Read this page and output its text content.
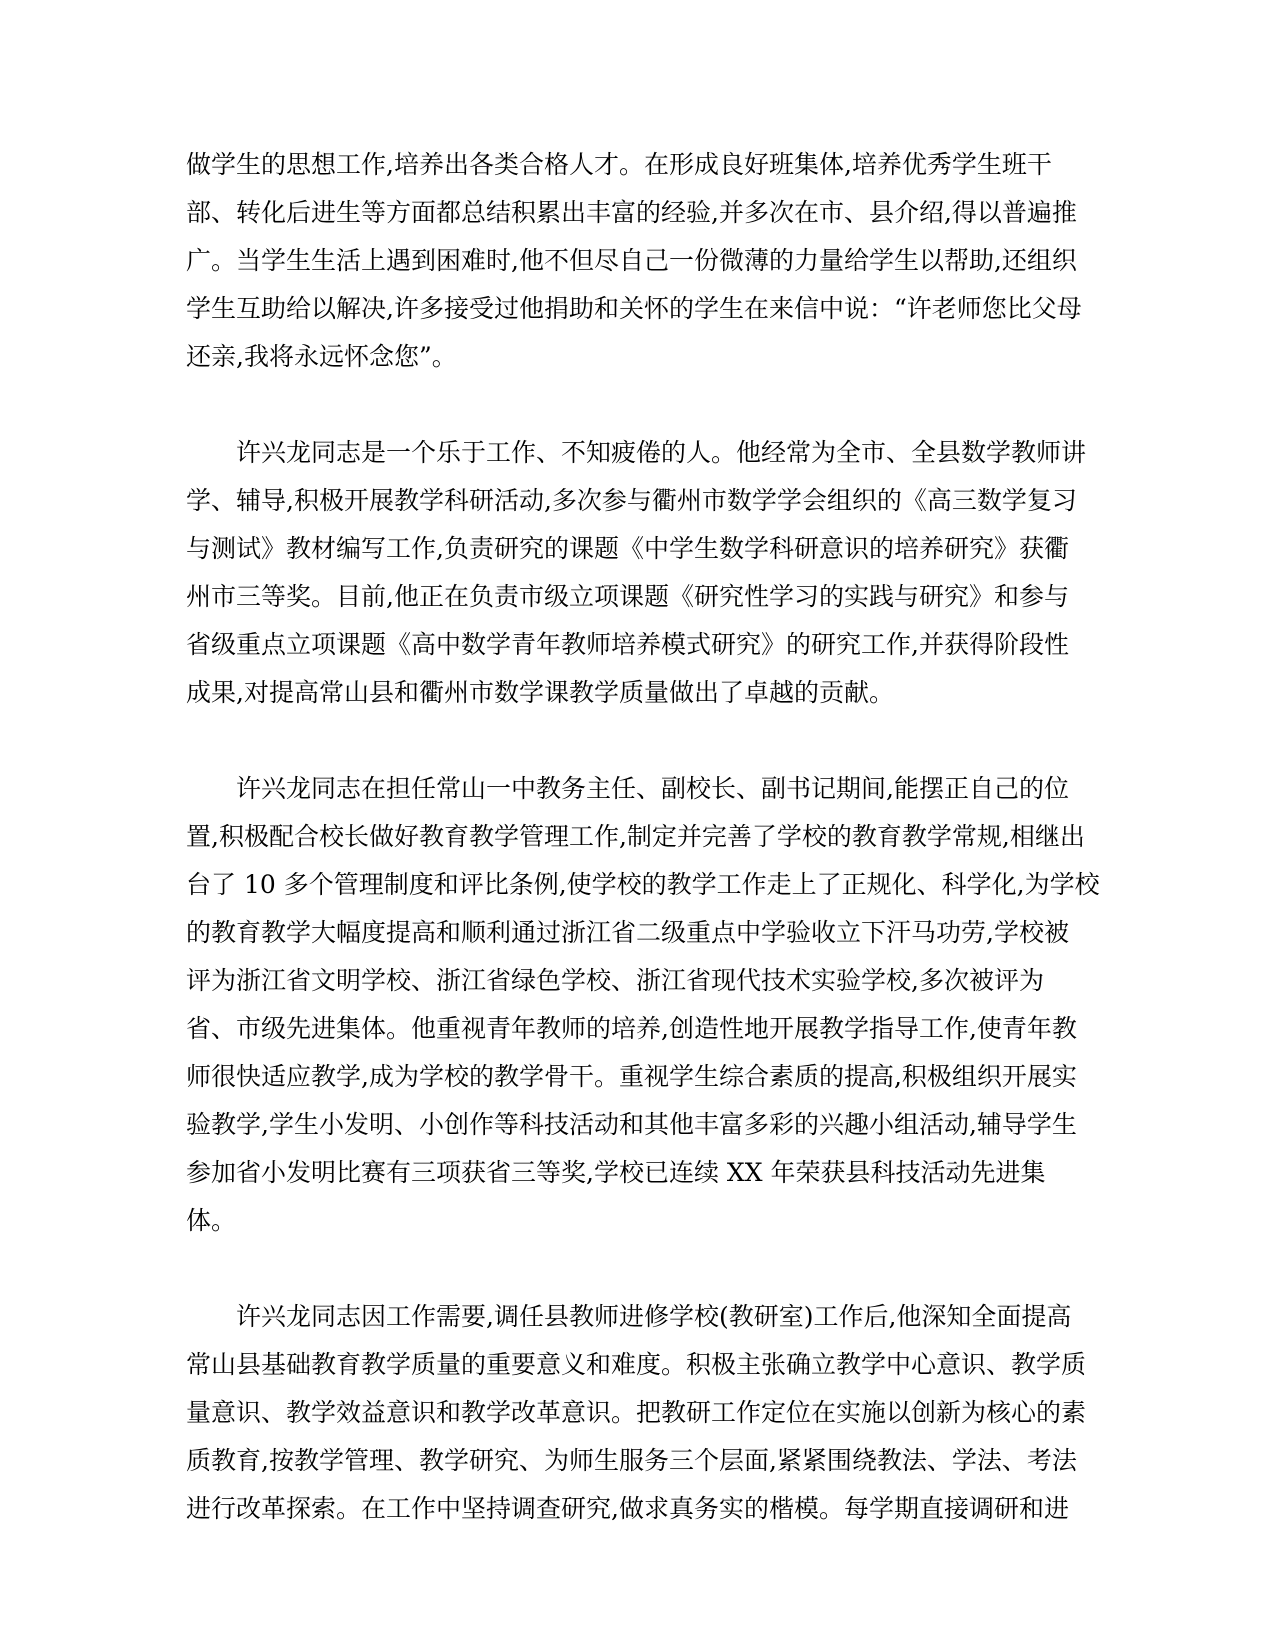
做学生的思想工作,培养出各类合格人才。在形成良好班集体,培养优秀学生班干
部、转化后进生等方面都总结积累出丰富的经验,并多次在市、县介绍,得以普遍推
广。当学生生活上遇到困难时,他不但尽自己一份微薄的力量给学生以帮助,还组织
学生互助给以解决,许多接受过他捐助和关怀的学生在来信中说：“许老师您比父母
还亲,我将永远怀念您”。
许兴龙同志是一个乐于工作、不知疲倦的人。他经常为全市、全县数学教师讲
学、辅导,积极开展教学科研活动,多次参与衢州市数学学会组织的《高三数学复习
与测试》教材编写工作,负责研究的课题《中学生数学科研意识的培养研究》获衢
州市三等奖。目前,他正在负责市级立项课题《研究性学习的实践与研究》和参与
省级重点立项课题《高中数学青年教师培养模式研究》的研究工作,并获得阶段性
成果,对提高常山县和衢州市数学课教学质量做出了卓越的贡献。
许兴龙同志在担任常山一中教务主任、副校长、副书记期间,能摆正自己的位
置,积极配合校长做好教育教学管理工作,制定并完善了学校的教育教学常规,相继出
台了 10 多个管理制度和评比条例,使学校的教学工作走上了正规化、科学化,为学校
的教育教学大幅度提高和顺利通过浙江省二级重点中学验收立下汗马功劳,学校被
评为浙江省文明学校、浙江省绿色学校、浙江省现代技术实验学校,多次被评为
省、市级先进集体。他重视青年教师的培养,创造性地开展教学指导工作,使青年教
师很快适应教学,成为学校的教学骨干。重视学生综合素质的提高,积极组织开展实
验教学,学生小发明、小创作等科技活动和其他丰富多彩的兴趣小组活动,辅导学生
参加省小发明比赛有三项获省三等奖,学校已连续 XX 年荣获县科技活动先进集
体。
许兴龙同志因工作需要,调任县教师进修学校(教研室)工作后,他深知全面提高
常山县基础教育教学质量的重要意义和难度。积极主张确立教学中心意识、教学质
量意识、教学效益意识和教学改革意识。把教研工作定位在实施以创新为核心的素
质教育,按教学管理、教学研究、为师生服务三个层面,紧紧围绕教法、学法、考法
进行改革探索。在工作中坚持调查研究,做求真务实的楷模。每学期直接调研和进
